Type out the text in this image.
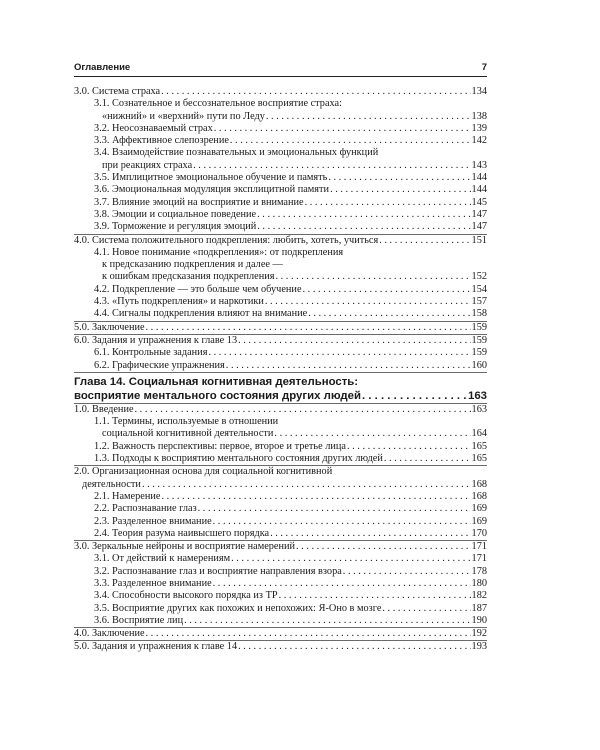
Оглавление	7
3.0. Система страха . . .	134
3.1. Сознательное и бессознательное восприятие страха:
«нижний» и «верхний» пути по Леду . . .	138
3.2. Неосознаваемый страх . . .	139
3.3. Аффективное слепозрение . . .	142
3.4. Взаимодействие познавательных и эмоциональных функций
при реакциях страха . . .	143
3.5. Имплицитное эмоциональное обучение и память . . .	144
3.6. Эмоциональная модуляция эксплицитной памяти . . .	144
3.7. Влияние эмоций на восприятие и внимание . . .	145
3.8. Эмоции и социальное поведение . . .	147
3.9. Торможение и регуляция эмоций . . .	147
4.0. Система положительного подкрепления: любить, хотеть, учиться . . .	151
4.1. Новое понимание «подкрепления»: от подкрепления
к предсказанию подкрепления и далее —
к ошибкам предсказания подкрепления . . .	152
4.2. Подкрепление — это больше чем обучение . . .	154
4.3. «Путь подкрепления» и наркотики . . .	157
4.4. Сигналы подкрепления влияют на внимание . . .	158
5.0. Заключение . . .	159
6.0. Задания и упражнения к главе 13 . . .	159
6.1. Контрольные задания . . .	159
6.2. Графические упражнения . . .	160
Глава 14. Социальная когнитивная деятельность:
восприятие ментального состояния других людей . . .	163
1.0. Введение . . .	163
1.1. Термины, используемые в отношении
социальной когнитивной деятельности . . .	164
1.2. Важность перспективы: первое, второе и третье лица . . .	165
1.3. Подходы к восприятию ментального состояния других людей . . .	165
2.0. Организационная основа для социальной когнитивной
деятельности . . .	168
2.1. Намерение . . .	168
2.2. Распознавание глаз . . .	169
2.3. Разделенное внимание . . .	169
2.4. Теория разума наивысшего порядка . . .	170
3.0. Зеркальные нейроны и восприятие намерений . . .	171
3.1. От действий к намерениям . . .	171
3.2. Распознавание глаз и восприятие направления взора . . .	178
3.3. Разделенное внимание . . .	180
3.4. Способности высокого порядка из ТР . . .	182
3.5. Восприятие других как похожих и непохожих: Я-Оно в мозге . . .	187
3.6. Восприятие лиц . . .	190
4.0. Заключение . . .	192
5.0. Задания и упражнения к главе 14 . . .	193
